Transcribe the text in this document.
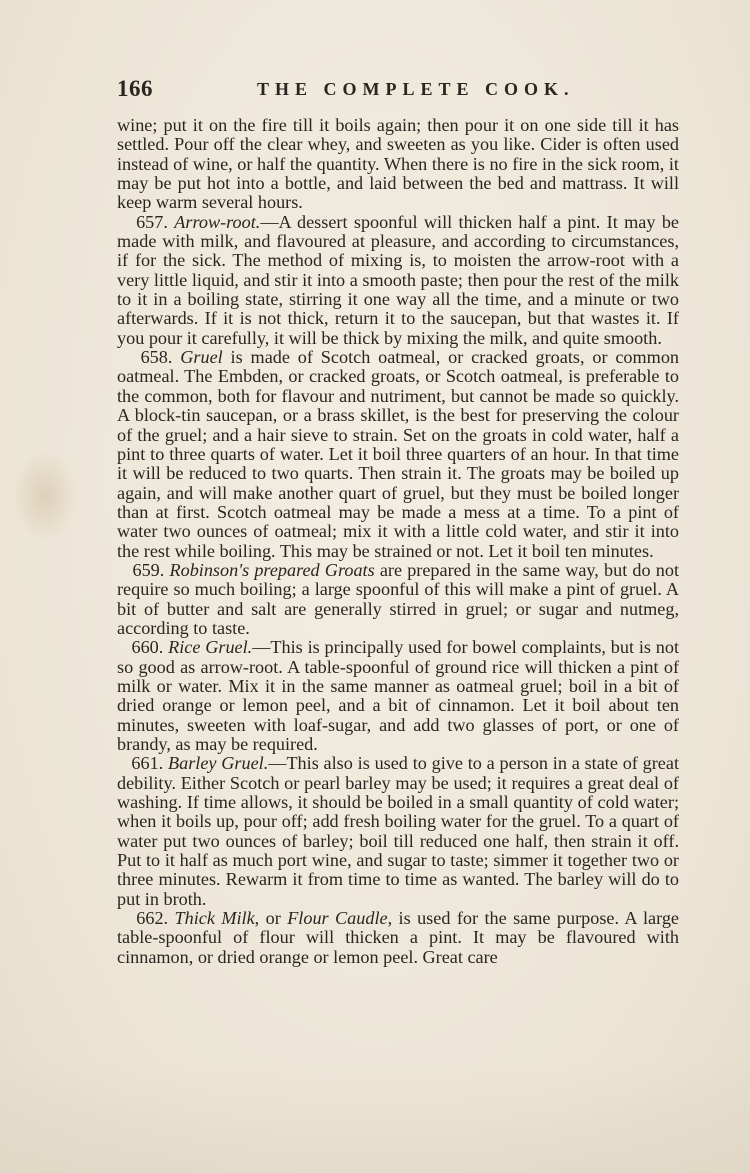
166	THE COMPLETE COOK.

wine; put it on the fire till it boils again; then pour it on one side till it has settled. Pour off the clear whey, and sweeten as you like. Cider is often used instead of wine, or half the quantity. When there is no fire in the sick room, it may be put hot into a bottle, and laid between the bed and mattrass. It will keep warm several hours.

657. Arrow-root.—A dessert spoonful will thicken half a pint. It may be made with milk, and flavoured at pleasure, and according to circumstances, if for the sick. The method of mixing is, to moisten the arrow-root with a very little liquid, and stir it into a smooth paste; then pour the rest of the milk to it in a boiling state, stirring it one way all the time, and a minute or two afterwards. If it is not thick, return it to the saucepan, but that wastes it. If you pour it carefully, it will be thick by mixing the milk, and quite smooth.

658. Gruel is made of Scotch oatmeal, or cracked groats, or common oatmeal. The Embden, or cracked groats, or Scotch oatmeal, is preferable to the common, both for flavour and nutriment, but cannot be made so quickly. A block-tin saucepan, or a brass skillet, is the best for preserving the colour of the gruel; and a hair sieve to strain. Set on the groats in cold water, half a pint to three quarts of water. Let it boil three quarters of an hour. In that time it will be reduced to two quarts. Then strain it. The groats may be boiled up again, and will make another quart of gruel, but they must be boiled longer than at first. Scotch oatmeal may be made a mess at a time. To a pint of water two ounces of oatmeal; mix it with a little cold water, and stir it into the rest while boiling. This may be strained or not. Let it boil ten minutes.

659. Robinson's prepared Groats are prepared in the same way, but do not require so much boiling; a large spoonful of this will make a pint of gruel. A bit of butter and salt are generally stirred in gruel; or sugar and nutmeg, according to taste.

660. Rice Gruel.—This is principally used for bowel complaints, but is not so good as arrow-root. A table-spoonful of ground rice will thicken a pint of milk or water. Mix it in the same manner as oatmeal gruel; boil in a bit of dried orange or lemon peel, and a bit of cinnamon. Let it boil about ten minutes, sweeten with loaf-sugar, and add two glasses of port, or one of brandy, as may be required.

661. Barley Gruel.—This also is used to give to a person in a state of great debility. Either Scotch or pearl barley may be used; it requires a great deal of washing. If time allows, it should be boiled in a small quantity of cold water; when it boils up, pour off; add fresh boiling water for the gruel. To a quart of water put two ounces of barley; boil till reduced one half, then strain it off. Put to it half as much port wine, and sugar to taste; simmer it together two or three minutes. Rewarm it from time to time as wanted. The barley will do to put in broth.

662. Thick Milk, or Flour Caudle, is used for the same purpose. A large table-spoonful of flour will thicken a pint. It may be flavoured with cinnamon, or dried orange or lemon peel. Great care
